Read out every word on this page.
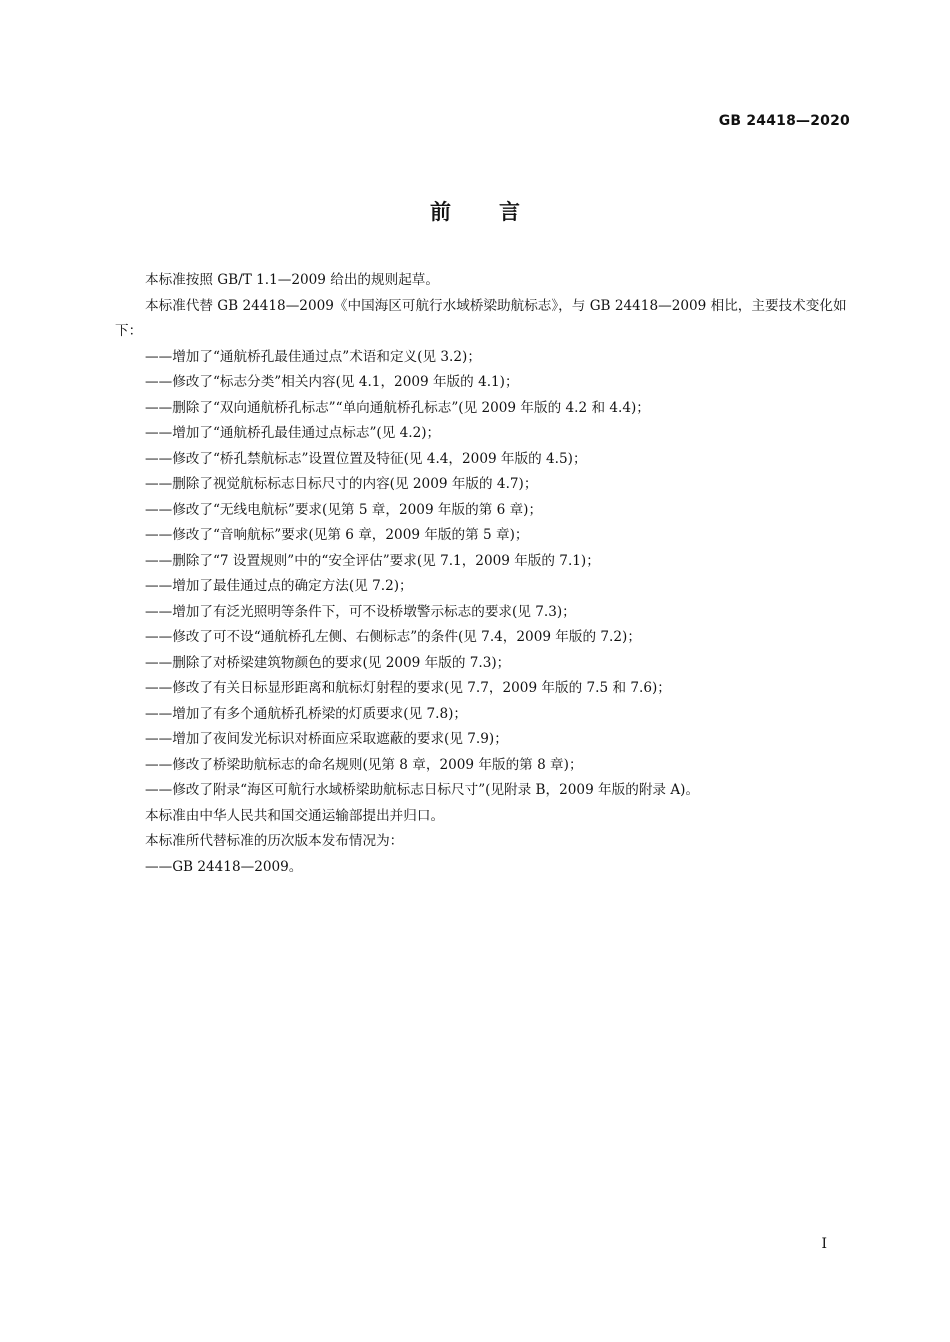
GB 24418—2020
前言

本标准按照 GB/T 1.1—2009 给出的规则起草。

本标准代替 GB 24418—2009《中国海区可航行水域桥梁助航标志》，与 GB 24418—2009 相比，主要技术变化如下：

——增加了“通航桥孔最佳通过点”术语和定义(见 3.2)；

——修改了“标志分类”相关内容(见 4.1，2009 年版的 4.1)；

——删除了“双向通航桥孔标志”“单向通航桥孔标志”(见 2009 年版的 4.2 和 4.4)；

——增加了“通航桥孔最佳通过点标志”(见 4.2)；

——修改了“桥孔禁航标志”设置位置及特征(见 4.4，2009 年版的 4.5)；

——删除了视觉航标标志日标尺寸的内容(见 2009 年版的 4.7)；

——修改了“无线电航标”要求(见第 5 章，2009 年版的第 6 章)；

——修改了“音响航标”要求(见第 6 章，2009 年版的第 5 章)；

——删除了“7 设置规则”中的“安全评估”要求(见 7.1，2009 年版的 7.1)；

——增加了最佳通过点的确定方法(见 7.2)；

——增加了有泛光照明等条件下，可不设桥墩警示标志的要求(见 7.3)；

——修改了可不设“通航桥孔左侧、右侧标志”的条件(见 7.4，2009 年版的 7.2)；

——删除了对桥梁建筑物颜色的要求(见 2009 年版的 7.3)；

——修改了有关日标显形距离和航标灯射程的要求(见 7.7，2009 年版的 7.5 和 7.6)；

——增加了有多个通航桥孔桥梁的灯质要求(见 7.8)；

——增加了夜间发光标识对桥面应采取遮蔽的要求(见 7.9)；

——修改了桥梁助航标志的命名规则(见第 8 章，2009 年版的第 8 章)；

——修改了附录“海区可航行水域桥梁助航标志日标尺寸”(见附录 B，2009 年版的附录 A)。

本标准由中华人民共和国交通运输部提出并归口。

本标准所代替标准的历次版本发布情况为：

——GB 24418—2009。

I
